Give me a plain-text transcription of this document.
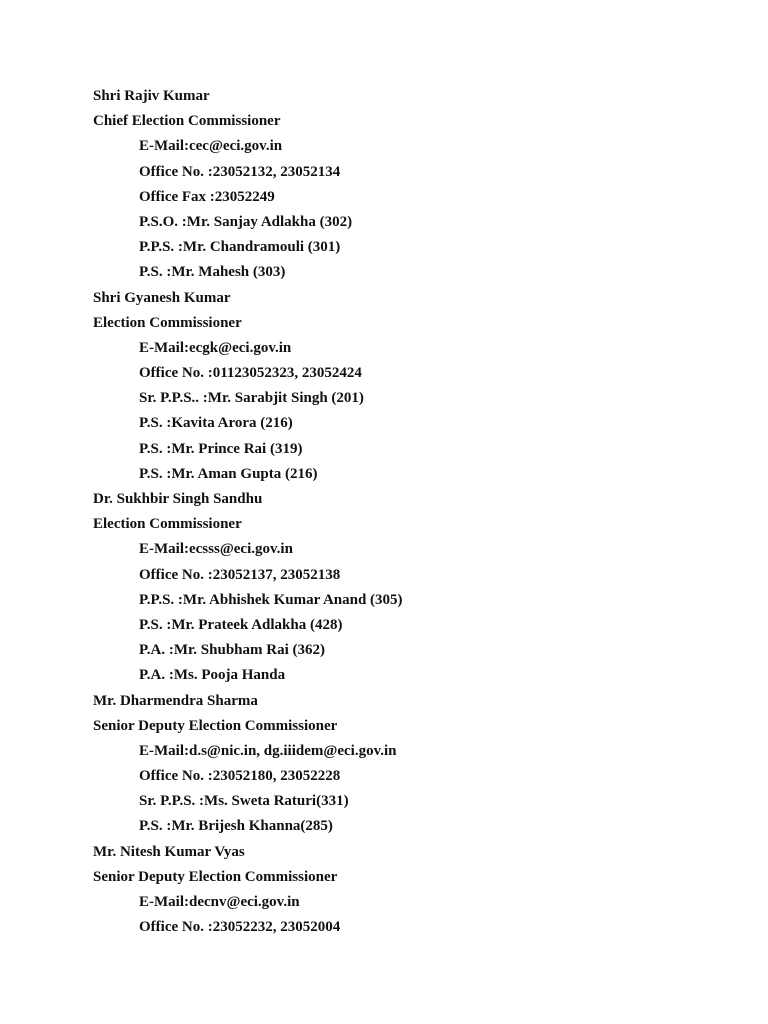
Shri Rajiv Kumar
Chief Election Commissioner
E-Mail:cec@eci.gov.in
Office No. :23052132, 23052134
Office Fax :23052249
P.S.O. :Mr. Sanjay Adlakha (302)
P.P.S. :Mr. Chandramouli (301)
P.S. :Mr. Mahesh (303)
Shri Gyanesh Kumar
Election Commissioner
E-Mail:ecgk@eci.gov.in
Office No. :01123052323, 23052424
Sr. P.P.S.. :Mr. Sarabjit Singh (201)
P.S. :Kavita Arora (216)
P.S. :Mr. Prince Rai (319)
P.S. :Mr. Aman Gupta (216)
Dr. Sukhbir Singh Sandhu
Election Commissioner
E-Mail:ecsss@eci.gov.in
Office No. :23052137, 23052138
P.P.S. :Mr. Abhishek Kumar Anand (305)
P.S. :Mr. Prateek Adlakha (428)
P.A. :Mr. Shubham Rai (362)
P.A. :Ms. Pooja Handa
Mr. Dharmendra Sharma
Senior Deputy Election Commissioner
E-Mail:d.s@nic.in, dg.iiidem@eci.gov.in
Office No. :23052180, 23052228
Sr. P.P.S. :Ms. Sweta Raturi(331)
P.S. :Mr. Brijesh Khanna(285)
Mr. Nitesh Kumar Vyas
Senior Deputy Election Commissioner
E-Mail:decnv@eci.gov.in
Office No. :23052232, 23052004
